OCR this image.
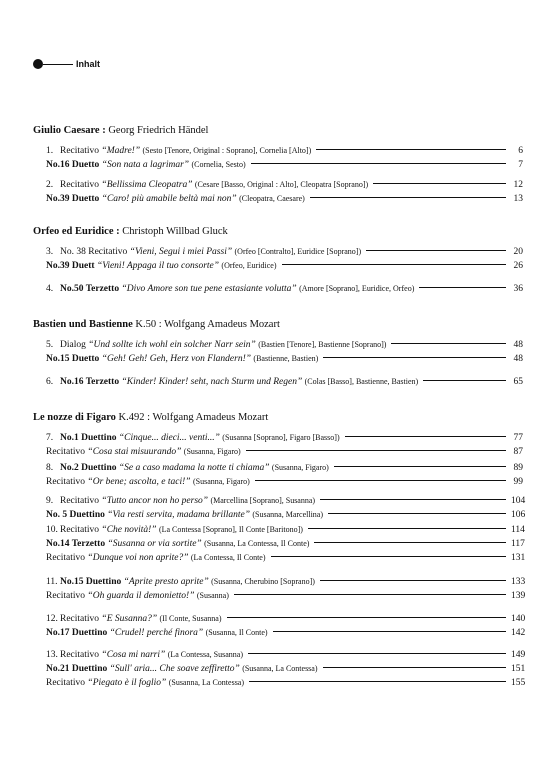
Inhalt
Giulio Caesare : Georg Friedrich Händel
1. Recitativo “Madre!” (Sesto [Tenore, Original : Soprano], Cornelia [Alto])	6
No.16 Duetto “Son nata a lagrimar” (Cornelia, Sesto)	7
2. Recitativo “Bellissima Cleopatra” (Cesare [Basso, Original : Alto], Cleopatra [Soprano])	12
No.39 Duetto “Caro! più amabile beltà mai non” (Cleopatra, Caesare)	13
Orfeo ed Euridice : Christoph Willbad Gluck
3. No. 38 Recitativo “Vieni, Segui i miei Passi” (Orfeo [Contralto], Euridice [Soprano])	20
No.39 Duett “Vieni! Appaga il tuo consorte” (Orfeo, Euridice)	26
4. No.50 Terzetto “Divo Amore son tue pene estasiante volutta” (Amore [Soprano], Euridice, Orfeo)	36
Bastien und Bastienne K.50 : Wolfgang Amadeus Mozart
5. Dialog “Und sollte ich wohl ein solcher Narr sein” (Bastien [Tenore], Bastienne [Soprano])	48
No.15 Duetto “Geh! Geh! Geh, Herz von Flandern!” (Bastienne, Bastien)	48
6. No.16 Terzetto “Kinder! Kinder! seht, nach Sturm und Regen” (Colas [Basso], Bastienne, Bastien)	65
Le nozze di Figaro K.492 : Wolfgang Amadeus Mozart
7. No.1 Duettino “Cinque... dieci... venti...” (Susanna [Soprano], Figaro [Basso])	77
Recitativo “Cosa stai misuurando” (Susanna, Figaro)	87
8. No.2 Duettino “Se a caso madama la notte ti chiama” (Susanna, Figaro)	89
Recitativo “Or bene; ascolta, e taci!” (Susanna, Figaro)	99
9. Recitativo “Tutto ancor non ho perso” (Marcellina [Soprano], Susanna)	104
No. 5 Duettino “Via resti servita, madama brillante” (Susanna, Marcellina)	106
10. Recitativo “Che novità!” (La Contessa [Soprano], Il Conte [Baritono])	114
No.14 Terzetto “Susanna or via sortite” (Susanna, La Contessa, Il Conte)	117
Recitativo “Dunque voi non aprite?” (La Contessa, Il Conte)	131
11. No.15 Duettino “Aprite presto aprite” (Susanna, Cherubino [Soprano])	133
Recitativo “Oh guarda il demonietto!” (Susanna)	139
12. Recitativo “E Susanna?” (Il Conte, Susanna)	140
No.17 Duettino “Crudel! perché finora” (Susanna, Il Conte)	142
13. Recitativo “Cosa mi narri” (La Contessa, Susanna)	149
No.21 Duettino “Sull' aria... Che soave zeffiretto” (Susanna, La Contessa)	151
Recitativo “Piegato è il foglio” (Susanna, La Contessa)	155
